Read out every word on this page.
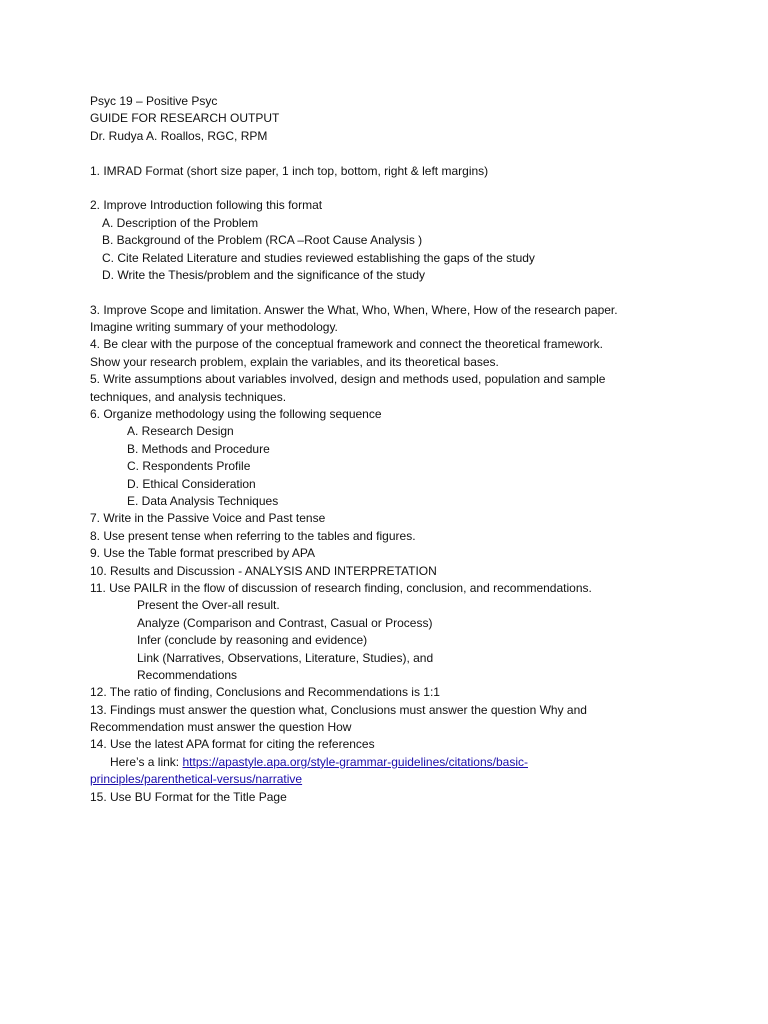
Psyc 19 – Positive Psyc
GUIDE FOR RESEARCH OUTPUT
Dr. Rudya A. Roallos, RGC, RPM
1. IMRAD Format (short size paper, 1 inch top, bottom, right & left margins)
2. Improve Introduction following this format
A. Description of the Problem
B. Background of the Problem (RCA –Root Cause Analysis )
C. Cite Related Literature and studies reviewed establishing the gaps of the study
D. Write the Thesis/problem and the significance of the study
3. Improve Scope and limitation. Answer the What, Who, When, Where, How of the research paper.
Imagine writing summary of your methodology.
4. Be clear with the purpose of the conceptual framework and connect the theoretical framework.
Show your research problem, explain the variables, and its theoretical bases.
5. Write assumptions about variables involved, design and methods used, population and sample
techniques, and analysis techniques.
6. Organize methodology using the following sequence
A. Research Design
B. Methods and Procedure
C. Respondents Profile
D. Ethical Consideration
E. Data Analysis Techniques
7. Write in the Passive Voice and Past tense
8. Use present tense when referring to the tables and figures.
9. Use the Table format prescribed by APA
10. Results and Discussion - ANALYSIS AND INTERPRETATION
11. Use PAILR in the flow of discussion of research finding, conclusion, and recommendations.
Present the Over-all result.
Analyze (Comparison and Contrast, Casual or Process)
Infer (conclude by reasoning and evidence)
Link (Narratives, Observations, Literature, Studies), and
Recommendations
12. The ratio of finding, Conclusions and Recommendations is 1:1
13. Findings must answer the question what, Conclusions must answer the question Why and
Recommendation must answer the question How
14. Use the latest APA format for citing the references
Here’s a link: https://apastyle.apa.org/style-grammar-guidelines/citations/basic-
principles/parenthetical-versus/narrative
15. Use BU Format for the Title Page
